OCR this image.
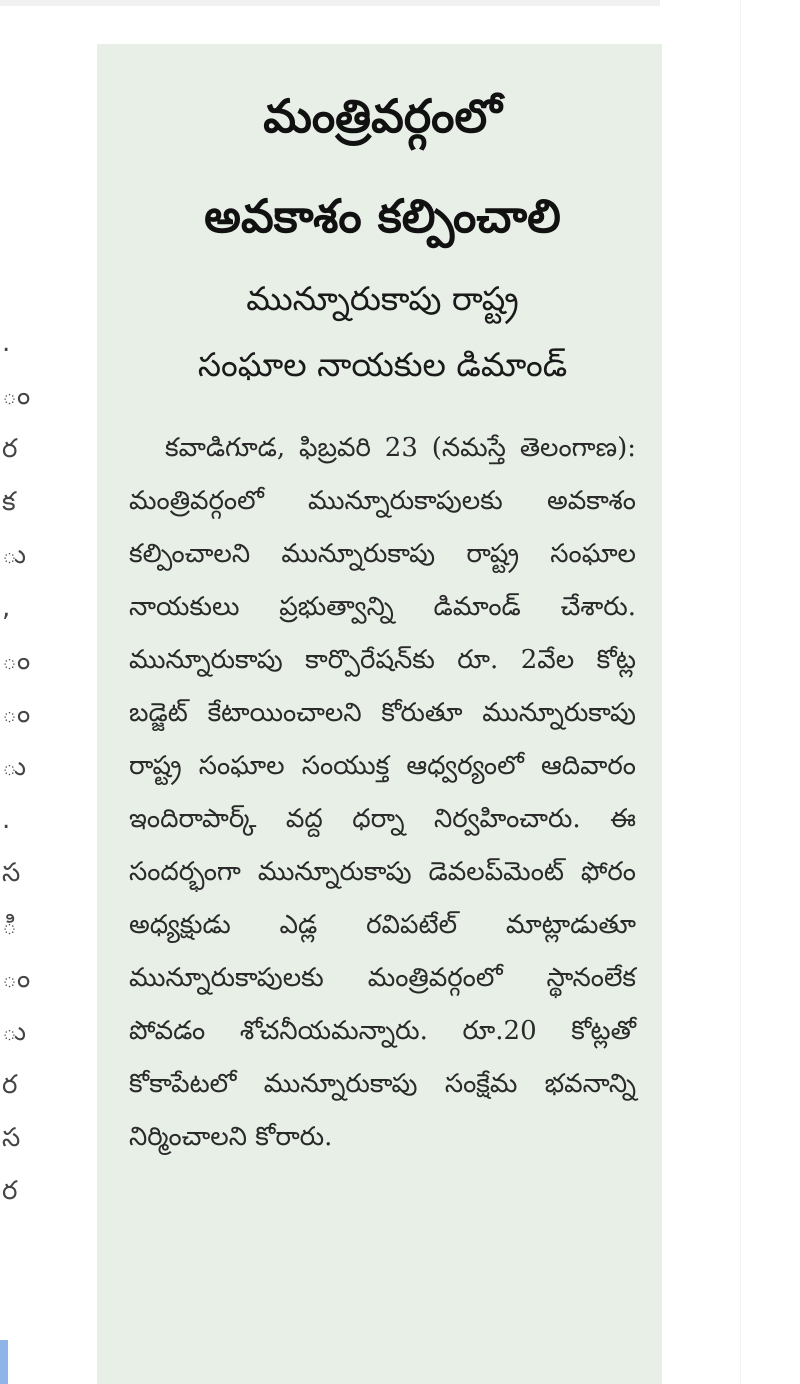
.
ం
ర
క
ు
,
ం
ం
ు
.
స
ి
ం
ు
ర
స
ర
మంత్రివర్గంలో
అవకాశం కల్పించాలి
మున్నూరుకాపు రాష్ట్ర
సంఘాల నాయకుల డిమాండ్
కవాడిగూడ, ఫిబ్రవరి 23 (నమస్తే తెలంగాణ): మంత్రివర్గంలో మున్నూరుకాపులకు అవకాశం కల్పించాలని మున్నూరుకాపు రాష్ట్ర సంఘాల నాయకులు ప్రభుత్వాన్ని డిమాండ్ చేశారు. మున్నూరుకాపు కార్పొరేషన్‌కు రూ. 2వేల కోట్ల బడ్జెట్ కేటాయించాలని కోరుతూ మున్నూరుకాపు రాష్ట్ర సంఘాల సంయుక్త ఆధ్వర్యంలో ఆదివారం ఇందిరాపార్క్ వద్ద ధర్నా నిర్వహించారు. ఈ సందర్భంగా మున్నూరుకాపు డెవలప్‌మెంట్ ఫోరం అధ్యక్షుడు ఎడ్ల రవిపటేల్ మాట్లాడుతూ మున్నూరుకాపులకు మంత్రివర్గంలో స్థానంలేక పోవడం శోచనీయమన్నారు. రూ.20 కోట్లతో కోకాపేటలో మున్నూరుకాపు సంక్షేమ భవనాన్ని నిర్మించాలని కోరారు.
